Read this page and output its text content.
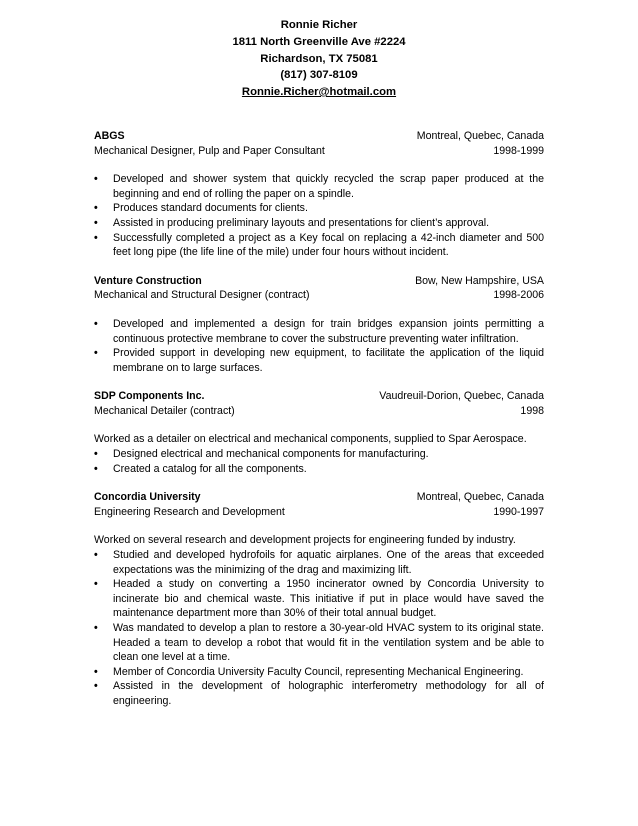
Ronnie Richer
1811 North Greenville Ave #2224
Richardson, TX 75081
(817) 307-8109
Ronnie.Richer@hotmail.com
ABGS	Montreal, Quebec, Canada
Mechanical Designer, Pulp and Paper Consultant	1998-1999
• Developed and shower system that quickly recycled the scrap paper produced at the beginning and end of rolling the paper on a spindle.
• Produces standard documents for clients.
• Assisted in producing preliminary layouts and presentations for client’s approval.
• Successfully completed a project as a Key focal on replacing a 42-inch diameter and 500 feet long pipe (the life line of the mile) under four hours without incident.
Venture Construction	Bow, New Hampshire, USA
Mechanical and Structural Designer (contract)	1998-2006
• Developed and implemented a design for train bridges expansion joints permitting a continuous protective membrane to cover the substructure preventing water infiltration.
• Provided support in developing new equipment, to facilitate the application of the liquid membrane on to large surfaces.
SDP Components Inc.	Vaudreuil-Dorion, Quebec, Canada
Mechanical Detailer (contract)	1998
Worked as a detailer on electrical and mechanical components, supplied to Spar Aerospace.
• Designed electrical and mechanical components for manufacturing.
• Created a catalog for all the components.
Concordia University	Montreal, Quebec, Canada
Engineering Research and Development	1990-1997
Worked on several research and development projects for engineering funded by industry.
• Studied and developed hydrofoils for aquatic airplanes. One of the areas that exceeded expectations was the minimizing of the drag and maximizing lift.
• Headed a study on converting a 1950 incinerator owned by Concordia University to incinerate bio and chemical waste. This initiative if put in place would have saved the maintenance department more than 30% of their total annual budget.
• Was mandated to develop a plan to restore a 30-year-old HVAC system to its original state. Headed a team to develop a robot that would fit in the ventilation system and be able to clean one level at a time.
• Member of Concordia University Faculty Council, representing Mechanical Engineering.
• Assisted in the development of holographic interferometry methodology for all of engineering.
